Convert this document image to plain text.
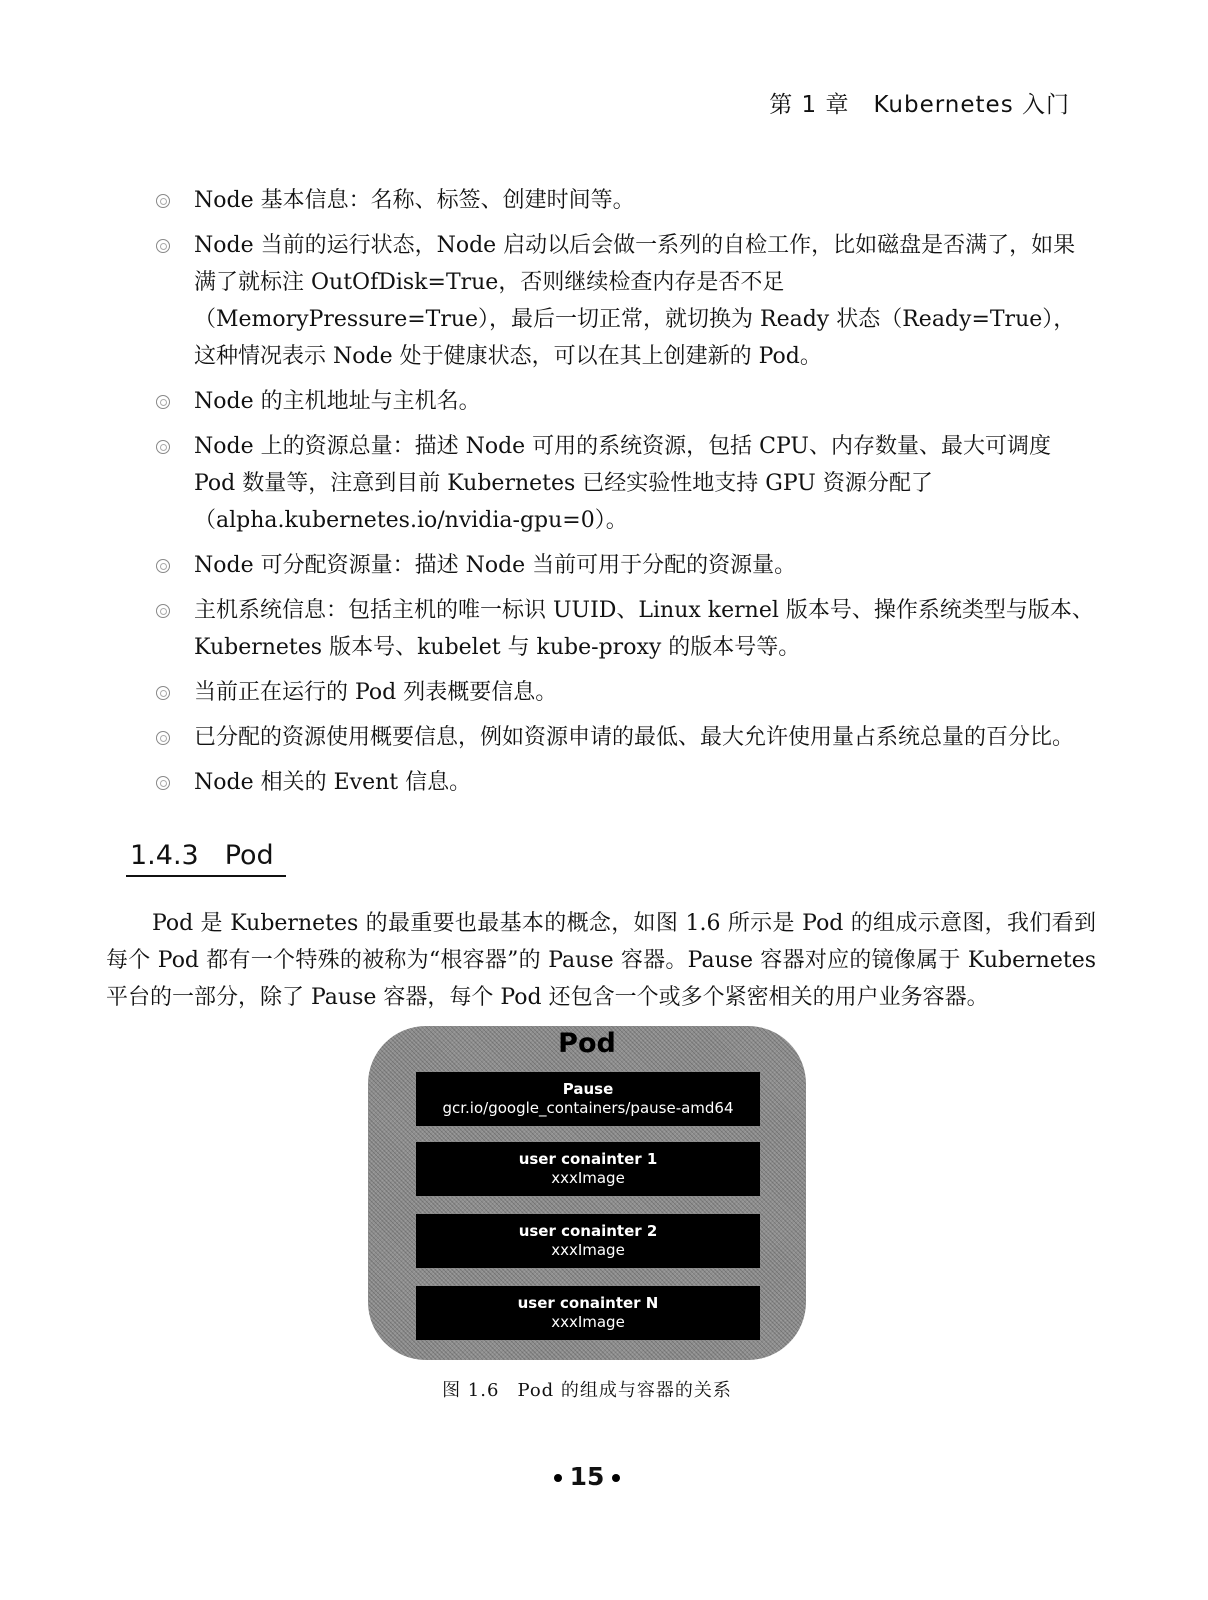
第 1 章　Kubernetes 入门
Node 基本信息：名称、标签、创建时间等。
Node 当前的运行状态，Node 启动以后会做一系列的自检工作，比如磁盘是否满了，如果满了就标注 OutOfDisk=True，否则继续检查内存是否不足（MemoryPressure=True），最后一切正常，就切换为 Ready 状态（Ready=True），这种情况表示 Node 处于健康状态，可以在其上创建新的 Pod。
Node 的主机地址与主机名。
Node 上的资源总量：描述 Node 可用的系统资源，包括 CPU、内存数量、最大可调度 Pod 数量等，注意到目前 Kubernetes 已经实验性地支持 GPU 资源分配了（alpha.kubernetes.io/nvidia-gpu=0）。
Node 可分配资源量：描述 Node 当前可用于分配的资源量。
主机系统信息：包括主机的唯一标识 UUID、Linux kernel 版本号、操作系统类型与版本、Kubernetes 版本号、kubelet 与 kube-proxy 的版本号等。
当前正在运行的 Pod 列表概要信息。
已分配的资源使用概要信息，例如资源申请的最低、最大允许使用量占系统总量的百分比。
Node 相关的 Event 信息。
1.4.3 Pod
Pod 是 Kubernetes 的最重要也最基本的概念，如图 1.6 所示是 Pod 的组成示意图，我们看到每个 Pod 都有一个特殊的被称为“根容器”的 Pause 容器。Pause 容器对应的镜像属于 Kubernetes 平台的一部分，除了 Pause 容器，每个 Pod 还包含一个或多个紧密相关的用户业务容器。
Pod
Pause
gcr.io/google_containers/pause-amd64
user conainter 1
xxxImage
user conainter 2
xxxImage
user conainter N
xxxImage
图 1.6 Pod 的组成与容器的关系
15
